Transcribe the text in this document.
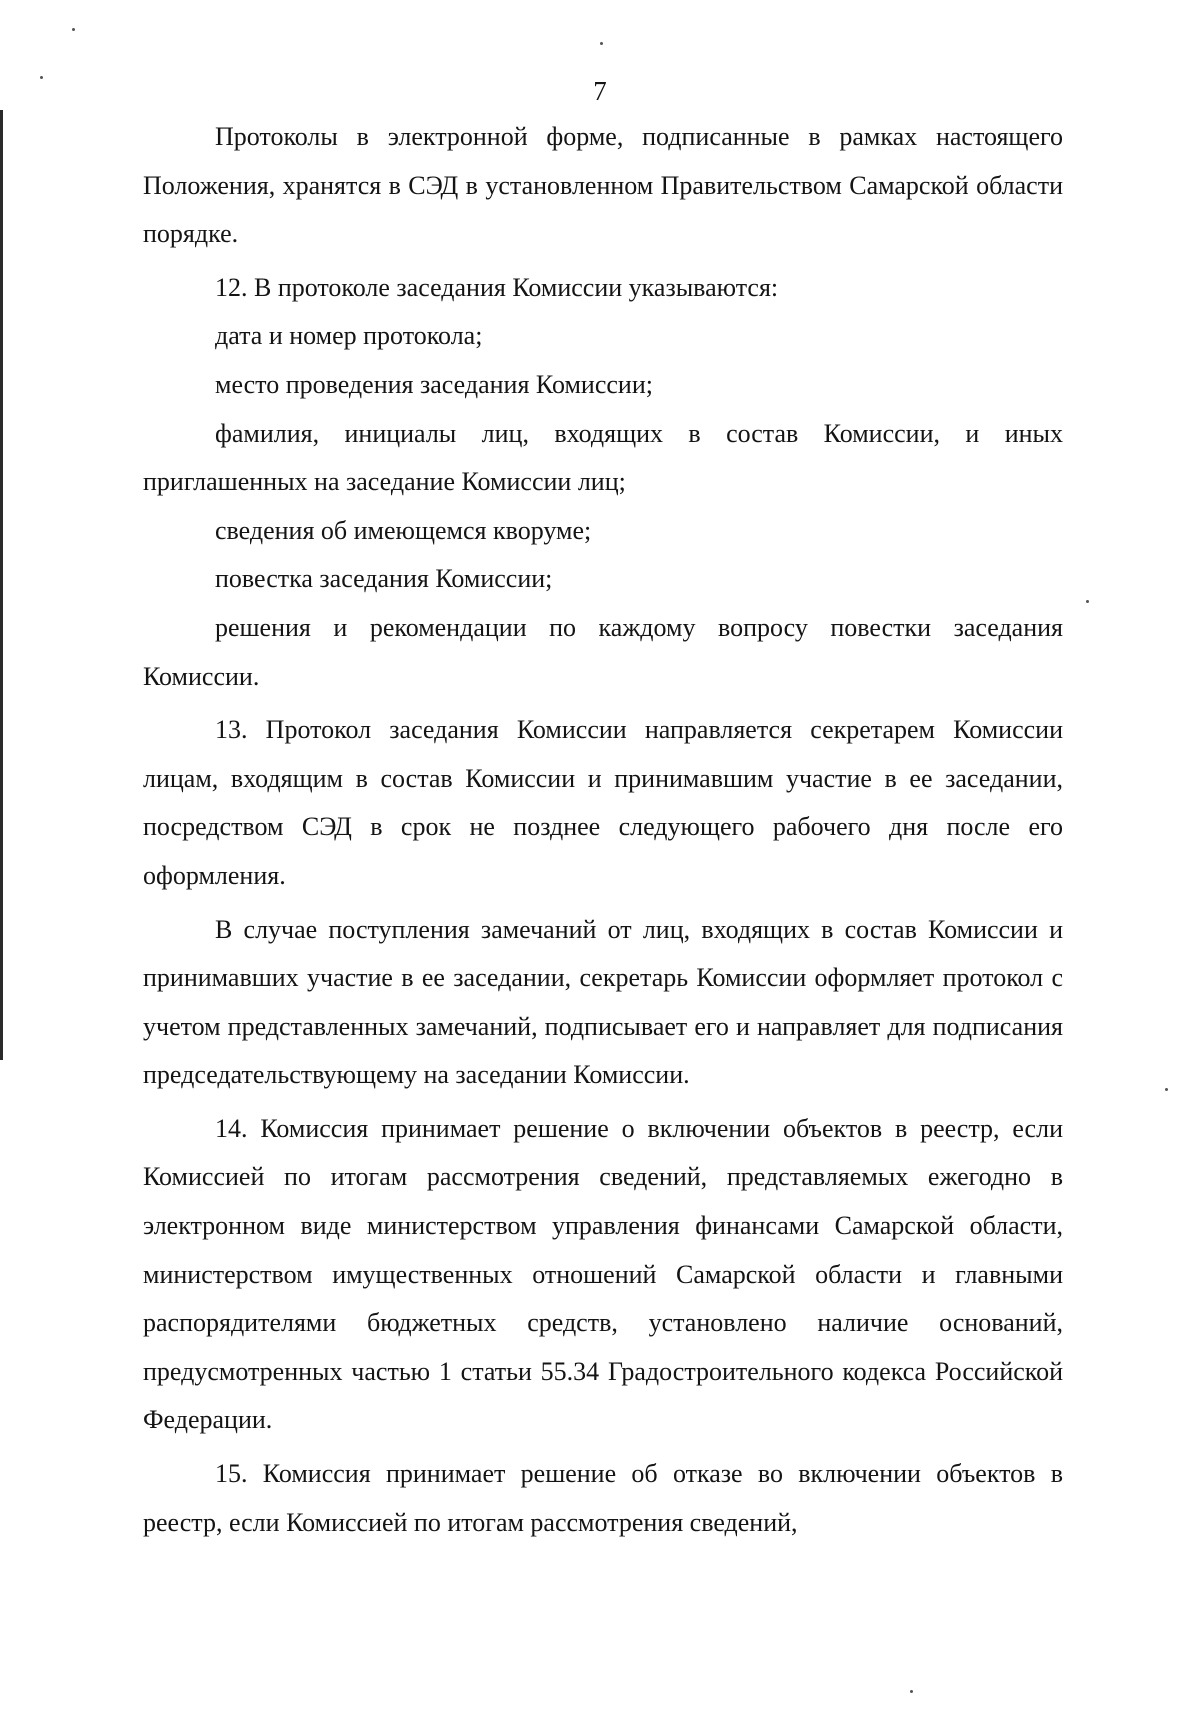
7

Протоколы в электронной форме, подписанные в рамках настоящего Положения, хранятся в СЭД в установленном Правительством Самарской области порядке.

12. В протоколе заседания Комиссии указываются:

дата и номер протокола;

место проведения заседания Комиссии;

фамилия, инициалы лиц, входящих в состав Комиссии, и иных приглашенных на заседание Комиссии лиц;

сведения об имеющемся кворуме;

повестка заседания Комиссии;

решения и рекомендации по каждому вопросу повестки заседания Комиссии.

13. Протокол заседания Комиссии направляется секретарем Комиссии лицам, входящим в состав Комиссии и принимавшим участие в ее заседании, посредством СЭД в срок не позднее следующего рабочего дня после его оформления.

В случае поступления замечаний от лиц, входящих в состав Комиссии и принимавших участие в ее заседании, секретарь Комиссии оформляет протокол с учетом представленных замечаний, подписывает его и направляет для подписания председательствующему на заседании Комиссии.

14. Комиссия принимает решение о включении объектов в реестр, если Комиссией по итогам рассмотрения сведений, представляемых ежегодно в электронном виде министерством управления финансами Самарской области, министерством имущественных отношений Самарской области и главными распорядителями бюджетных средств, установлено наличие оснований, предусмотренных частью 1 статьи 55.34 Градостроительного кодекса Российской Федерации.

15. Комиссия принимает решение об отказе во включении объектов в реестр, если Комиссией по итогам рассмотрения сведений,
